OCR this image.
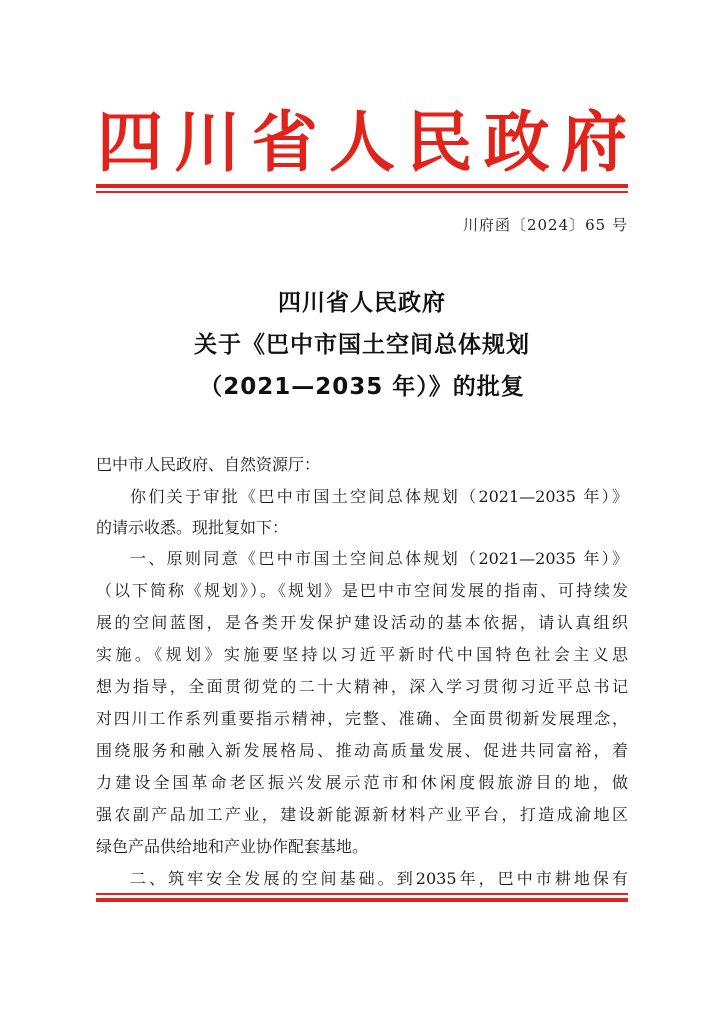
四 川 省 人 民 政 府
川府函〔2024〕65 号
四川省人民政府
关于《巴中市国土空间总体规划
（2021—2035 年）》的批复
巴中市人民政府、自然资源厅：
你们关于审批《巴中市国土空间总体规划（2021—2035 年）》
的请示收悉。现批复如下：
一、原则同意《巴中市国土空间总体规划（2021—2035 年）》
（以下简称《规划》）。《规划》是巴中市空间发展的指南、可持续发
展的空间蓝图，是各类开发保护建设活动的基本依据，请认真组织
实施。《规划》实施要坚持以习近平新时代中国特色社会主义思
想为指导，全面贯彻党的二十大精神，深入学习贯彻习近平总书记
对四川工作系列重要指示精神，完整、准确、全面贯彻新发展理念，
围绕服务和融入新发展格局、推动高质量发展、促进共同富裕，着
力建设全国革命老区振兴发展示范市和休闲度假旅游目的地，做
强农副产品加工产业，建设新能源新材料产业平台，打造成渝地区
绿色产品供给地和产业协作配套基地。
二、筑牢安全发展的空间基础。到2035年，巴中市耕地保有
